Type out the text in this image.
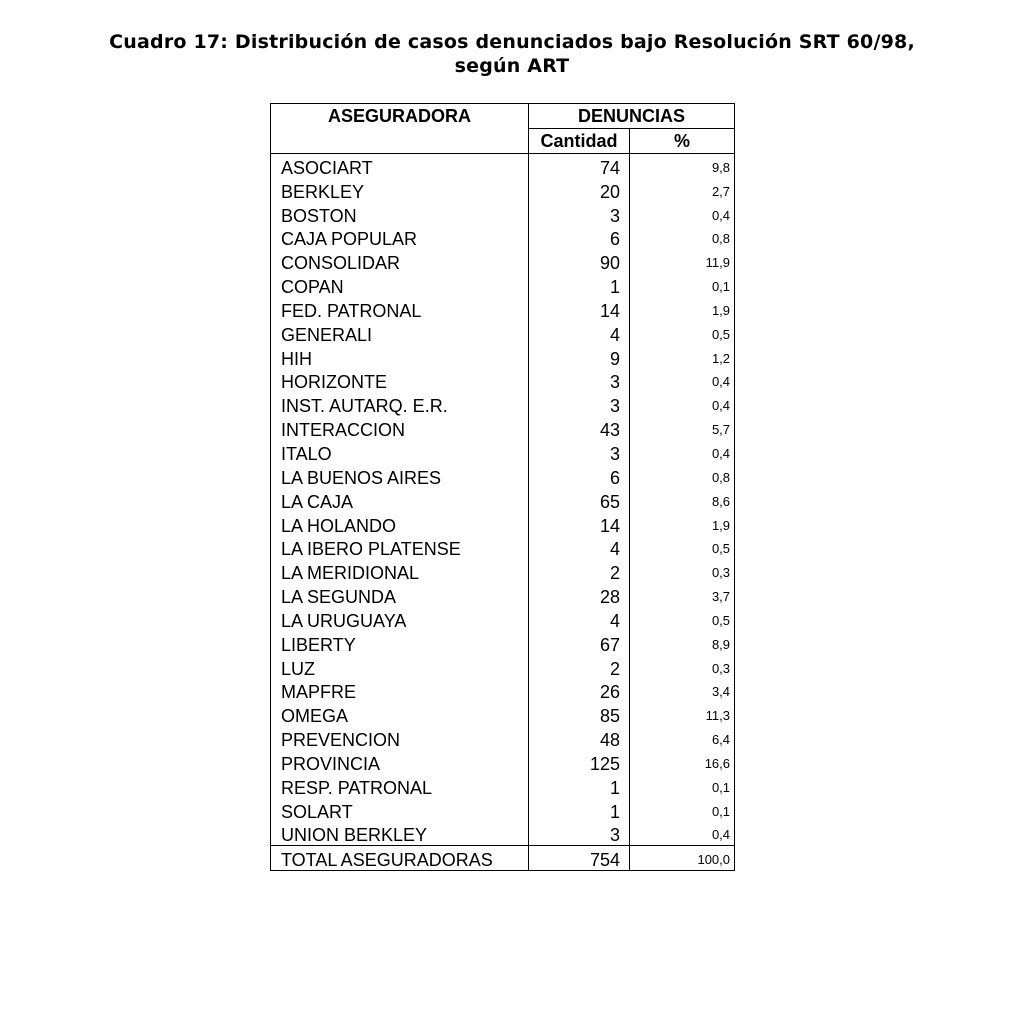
Cuadro 17: Distribución de casos denunciados bajo Resolución SRT 60/98,
según ART
ASEGURADORA	DENUNCIAS	
	Cantidad	%
ASOCIART	74	9,8
BERKLEY	20	2,7
BOSTON	3	0,4
CAJA POPULAR	6	0,8
CONSOLIDAR	90	11,9
COPAN	1	0,1
FED. PATRONAL	14	1,9
GENERALI	4	0,5
HIH	9	1,2
HORIZONTE	3	0,4
INST. AUTARQ. E.R.	3	0,4
INTERACCION	43	5,7
ITALO	3	0,4
LA BUENOS AIRES	6	0,8
LA CAJA	65	8,6
LA HOLANDO	14	1,9
LA IBERO PLATENSE	4	0,5
LA MERIDIONAL	2	0,3
LA SEGUNDA	28	3,7
LA URUGUAYA	4	0,5
LIBERTY	67	8,9
LUZ	2	0,3
MAPFRE	26	3,4
OMEGA	85	11,3
PREVENCION	48	6,4
PROVINCIA	125	16,6
RESP. PATRONAL	1	0,1
SOLART	1	0,1
UNION BERKLEY	3	0,4
TOTAL ASEGURADORAS	754	100,0
